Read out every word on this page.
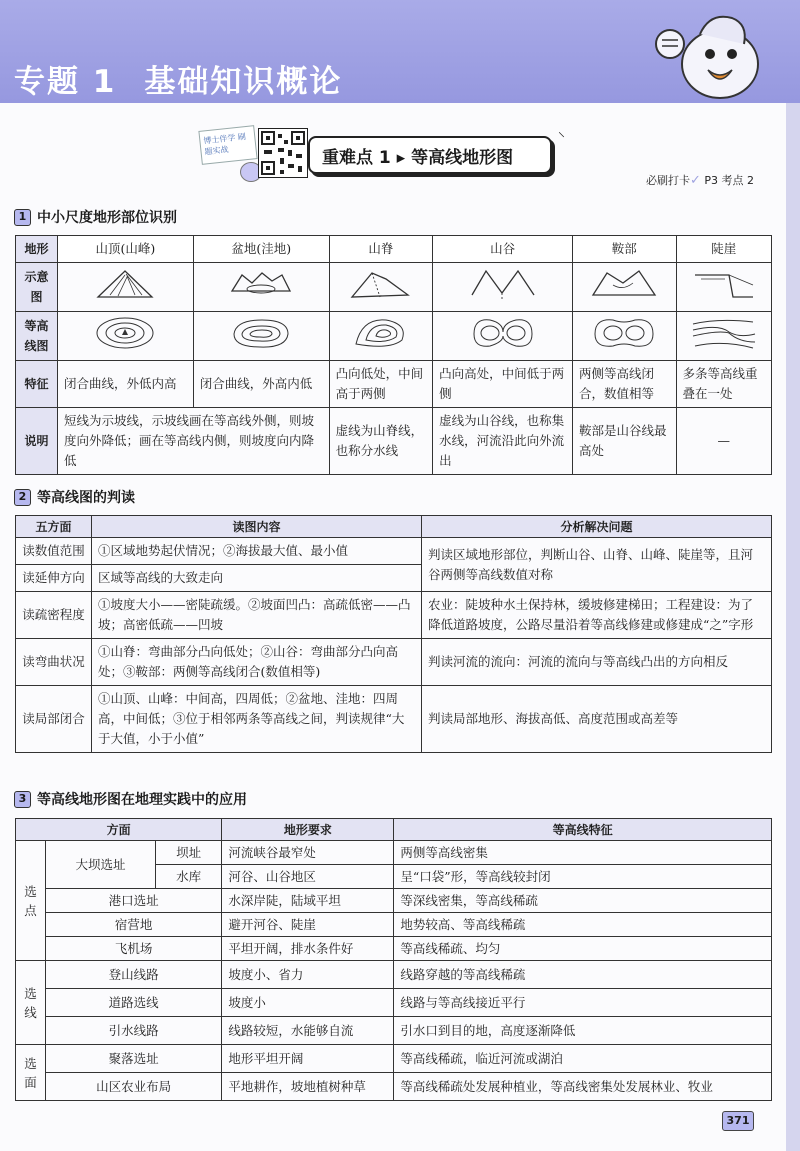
专题 1 基础知识概论
博士伴学 刷题实战	重难点 1 ▸ 等高线地形图
⸌
必刷打卡✓ P3 考点 2
1 中小尺度地形部位识别
地形	山顶(山峰)	盆地(洼地)	山脊	山谷	鞍部	陡崖
示意图						
等高线图						
特征	闭合曲线，外低内高	闭合曲线，外高内低	凸向低处，中间高于两侧	凸向高处，中间低于两侧	两侧等高线闭合，数值相等	多条等高线重叠在一处
说明	短线为示坡线，示坡线画在等高线外侧，则坡度向外降低；画在等高线内侧，则坡度向内降低		虚线为山脊线，也称分水线	虚线为山谷线，也称集水线，河流沿此向外流出	鞍部是山谷线最高处	—
2 等高线图的判读
五方面	读图内容	分析解决问题
读数值范围	①区域地势起伏情况；②海拔最大值、最小值	判读区域地形部位，判断山谷、山脊、山峰、陡崖等，且河谷两侧等高线数值对称
读延伸方向	区域等高线的大致走向	
读疏密程度	①坡度大小——密陡疏缓。②坡面凹凸：高疏低密——凸坡；高密低疏——凹坡	农业：陡坡种水土保持林，缓坡修建梯田；工程建设：为了降低道路坡度，公路尽量沿着等高线修建或修建成“之”字形
读弯曲状况	①山脊：弯曲部分凸向低处；②山谷：弯曲部分凸向高处；③鞍部：两侧等高线闭合(数值相等)	判读河流的流向：河流的流向与等高线凸出的方向相反
读局部闭合	①山顶、山峰：中间高，四周低；②盆地、洼地：四周高，中间低；③位于相邻两条等高线之间，判读规律“大于大值，小于小值”	判读局部地形、海拔高低、高度范围或高差等
3 等高线地形图在地理实践中的应用
方面			地形要求	等高线特征
选点	大坝选址	坝址	河流峡谷最窄处	两侧等高线密集
		水库	河谷、山谷地区	呈“口袋”形，等高线较封闭
	港口选址		水深岸陡，陆域平坦	等深线密集，等高线稀疏
	宿营地		避开河谷、陡崖	地势较高、等高线稀疏
	飞机场		平坦开阔，排水条件好	等高线稀疏、均匀
选线	登山线路		坡度小、省力	线路穿越的等高线稀疏
	道路选线		坡度小	线路与等高线接近平行
	引水线路		线路较短，水能够自流	引水口到目的地，高度逐渐降低
选面	聚落选址		地形平坦开阔	等高线稀疏，临近河流或湖泊
	山区农业布局		平地耕作，坡地植树种草	等高线稀疏处发展种植业，等高线密集处发展林业、牧业
371
